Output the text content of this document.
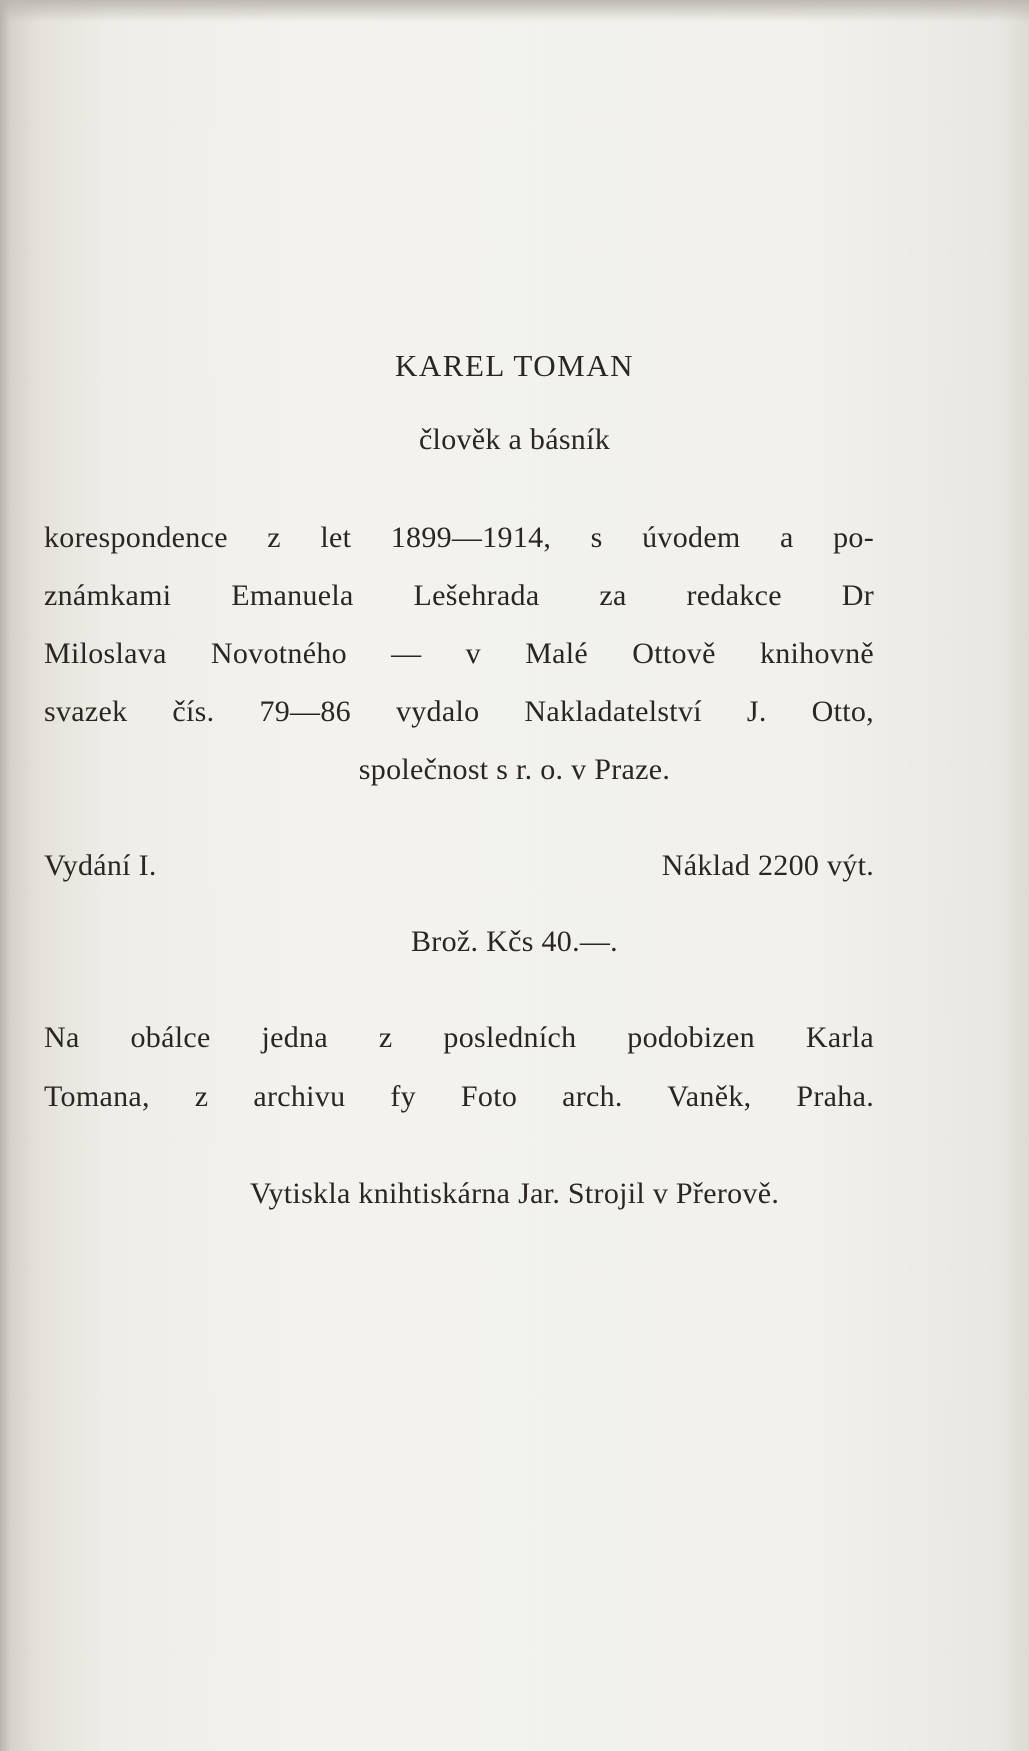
KAREL TOMAN
člověk a básník
korespondence z let 1899—1914, s úvodem a po-
známkami Emanuela Lešehrada za redakce Dr
Miloslava Novotného — v Malé Ottově knihovně
svazek čís. 79—86 vydalo Nakladatelství J. Otto,
společnost s r. o. v Praze.
Vydání I.	Náklad 2200 výt.
Brož. Kčs 40.—.
Na obálce jedna z posledních podobizen Karla
Tomana, z archivu fy Foto arch. Vaněk, Praha.
Vytiskla knihtiskárna Jar. Strojil v Přerově.
